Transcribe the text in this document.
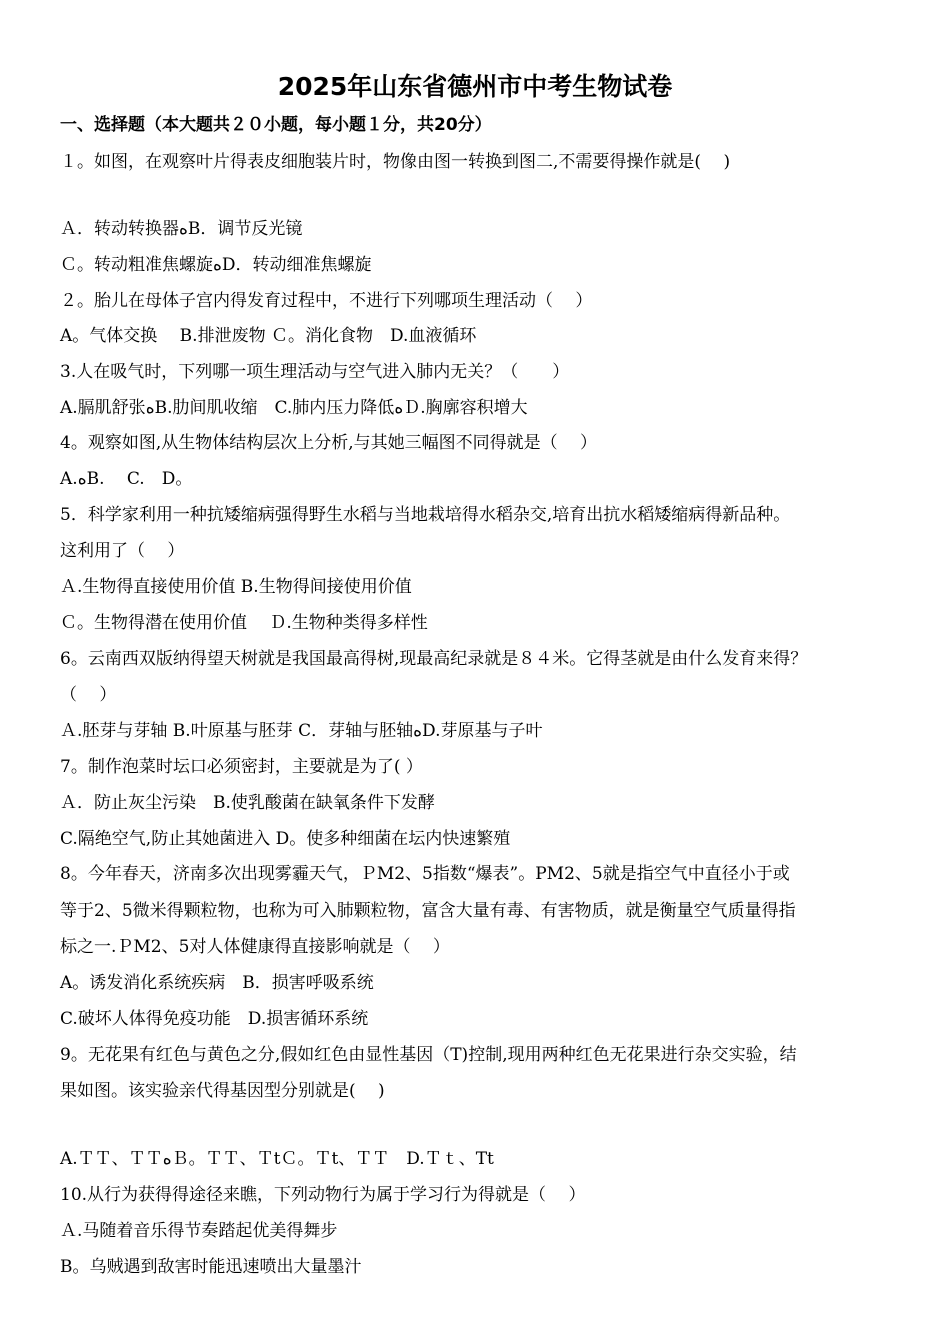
2025年山东省德州市中考生物试卷
一、选择题（本大题共２０小题，每小题１分，共20分）
１。如图，在观察叶片得表皮细胞装片时，物像由图一转换到图二,不需要得操作就是(　 )
Ａ．转动转换器ﻩB．调节反光镜
Ｃ。转动粗准焦螺旋ﻩD．转动细准焦螺旋
２。胎儿在母体子宫内得发育过程中，不进行下列哪项生理活动（　 ）
A。气体交换　 B.排泄废物 Ｃ。消化食物　D.血液循环
3.人在吸气时，下列哪一项生理活动与空气进入肺内无关？（　　）
A.膈肌舒张ﻩB.肋间肌收缩　C.肺内压力降低ﻩＤ.胸廓容积增大
4。观察如图,从生物体结构层次上分析,与其她三幅图不同得就是（　 ）
A.ﻩB.　 C.　D。
5．科学家利用一种抗矮缩病强得野生水稻与当地栽培得水稻杂交,培育出抗水稻矮缩病得新品种。
这利用了（　 ）
Ａ.生物得直接使用价值 B.生物得间接使用价值
Ｃ。生物得潜在使用价值　 Ｄ.生物种类得多样性
6。云南西双版纳得望天树就是我国最高得树,现最高纪录就是８４米。它得茎就是由什么发育来得？
（　 ）
Ａ.胚芽与芽轴 B.叶原基与胚芽 C．芽轴与胚轴ﻩD.芽原基与子叶
7。制作泡菜时坛口必须密封，主要就是为了( ）
Ａ．防止灰尘污染　B.使乳酸菌在缺氧条件下发酵
C.隔绝空气,防止其她菌进入 D。使多种细菌在坛内快速繁殖
8。今年春天，济南多次出现雾霾天气，ＰM2、5指数“爆表”。PM2、5就是指空气中直径小于或
等于2、5微米得颗粒物，也称为可入肺颗粒物，富含大量有毒、有害物质，就是衡量空气质量得指
标之一.ＰM2、5对人体健康得直接影响就是（　 ）
A。诱发消化系统疾病　B．损害呼吸系统
C.破坏人体得免疫功能　D.损害循环系统
9。无花果有红色与黄色之分,假如红色由显性基因（T)控制,现用两种红色无花果进行杂交实验，结
果如图。该实验亲代得基因型分别就是(　 )
A.ＴＴ、ＴＴﻩＢ。ＴＴ、ＴtＣ。Ｔt、ＴＴ　D.Ｔｔ、Tt
10.从行为获得得途径来瞧，下列动物行为属于学习行为得就是（　 ）
Ａ.马随着音乐得节奏踏起优美得舞步
B。乌贼遇到敌害时能迅速喷出大量墨汁
